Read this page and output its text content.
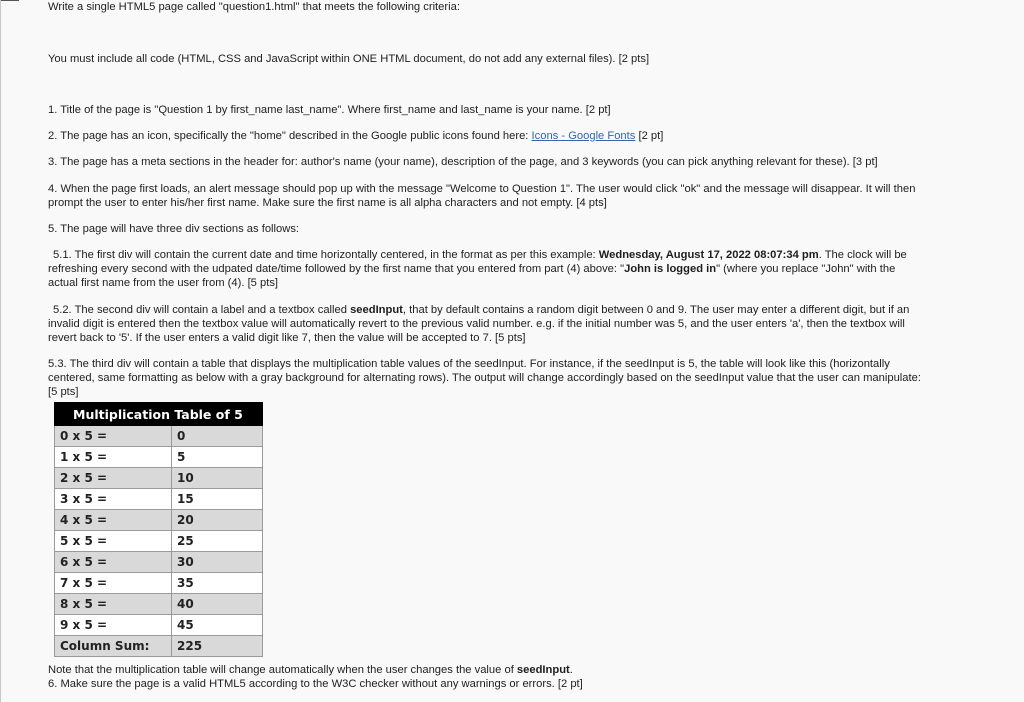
Write a single HTML5 page called "question1.html" that meets the following criteria:
You must include all code (HTML, CSS and JavaScript within ONE HTML document, do not add any external files). [2 pts]
1. Title of the page is "Question 1 by first_name last_name". Where first_name and last_name is your name. [2 pt]
2. The page has an icon, specifically the "home" described in the Google public icons found here: Icons - Google Fonts [2 pt]
3. The page has a meta sections in the header for: author's name (your name), description of the page, and 3 keywords (you can pick anything relevant for these). [3 pt]
4. When the page first loads, an alert message should pop up with the message "Welcome to Question 1". The user would click "ok" and the message will disappear. It will then
prompt the user to enter his/her first name. Make sure the first name is all alpha characters and not empty. [4 pts]
5. The page will have three div sections as follows:
5.1. The first div will contain the current date and time horizontally centered, in the format as per this example: Wednesday, August 17, 2022 08:07:34 pm. The clock will be
refreshing every second with the udpated date/time followed by the first name that you entered from part (4) above: "John is logged in" (where you replace "John" with the
actual first name from the user from (4). [5 pts]
5.2. The second div will contain a label and a textbox called seedInput, that by default contains a random digit between 0 and 9. The user may enter a different digit, but if an
invalid digit is entered then the textbox value will automatically revert to the previous valid number. e.g. if the initial number was 5, and the user enters 'a', then the textbox will
revert back to '5'. If the user enters a valid digit like 7, then the value will be accepted to 7. [5 pts]
5.3. The third div will contain a table that displays the multiplication table values of the seedInput. For instance, if the seedInput is 5, the table will look like this (horizontally
centered, same formatting as below with a gray background for alternating rows). The output will change accordingly based on the seedInput value that the user can manipulate:
[5 pts]
Multiplication Table of 5	
0 x 5 =	0
1 x 5 =	5
2 x 5 =	10
3 x 5 =	15
4 x 5 =	20
5 x 5 =	25
6 x 5 =	30
7 x 5 =	35
8 x 5 =	40
9 x 5 =	45
Column Sum:	225
Note that the multiplication table will change automatically when the user changes the value of seedInput.
6. Make sure the page is a valid HTML5 according to the W3C checker without any warnings or errors. [2 pt]
